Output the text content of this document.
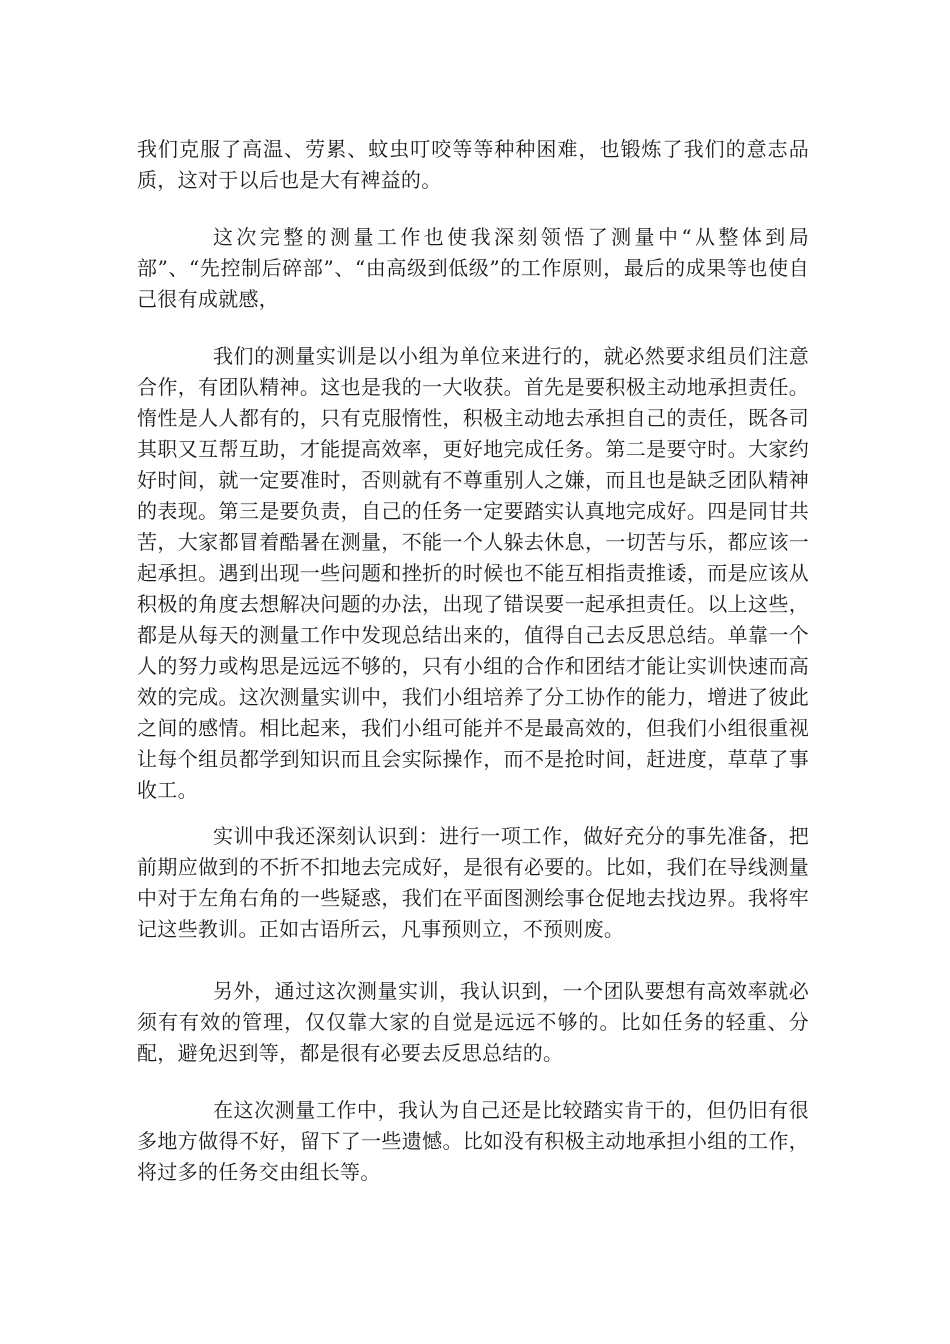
我们克服了高温、劳累、蚊虫叮咬等等种种困难，也锻炼了我们的意志品质，这对于以后也是大有裨益的。

这次完整的测量工作也使我深刻领悟了测量中“从整体到局部”、“先控制后碎部”、“由高级到低级”的工作原则，最后的成果等也使自己很有成就感，

我们的测量实训是以小组为单位来进行的，就必然要求组员们注意合作，有团队精神。这也是我的一大收获。首先是要积极主动地承担责任。惰性是人人都有的，只有克服惰性，积极主动地去承担自己的责任，既各司其职又互帮互助，才能提高效率，更好地完成任务。第二是要守时。大家约好时间，就一定要准时，否则就有不尊重别人之嫌，而且也是缺乏团队精神的表现。第三是要负责，自己的任务一定要踏实认真地完成好。四是同甘共苦，大家都冒着酷暑在测量，不能一个人躲去休息，一切苦与乐，都应该一起承担。遇到出现一些问题和挫折的时候也不能互相指责推诿，而是应该从积极的角度去想解决问题的办法，出现了错误要一起承担责任。以上这些，都是从每天的测量工作中发现总结出来的，值得自己去反思总结。单靠一个人的努力或构思是远远不够的，只有小组的合作和团结才能让实训快速而高效的完成。这次测量实训中，我们小组培养了分工协作的能力，增进了彼此之间的感情。相比起来，我们小组可能并不是最高效的，但我们小组很重视让每个组员都学到知识而且会实际操作，而不是抢时间，赶进度，草草了事收工。

实训中我还深刻认识到：进行一项工作，做好充分的事先准备，把前期应做到的不折不扣地去完成好，是很有必要的。比如，我们在导线测量中对于左角右角的一些疑惑，我们在平面图测绘事仓促地去找边界。我将牢记这些教训。正如古语所云，凡事预则立，不预则废。

另外，通过这次测量实训，我认识到，一个团队要想有高效率就必须有有效的管理，仅仅靠大家的自觉是远远不够的。比如任务的轻重、分配，避免迟到等，都是很有必要去反思总结的。

在这次测量工作中，我认为自己还是比较踏实肯干的，但仍旧有很多地方做得不好，留下了一些遗憾。比如没有积极主动地承担小组的工作，将过多的任务交由组长等。
